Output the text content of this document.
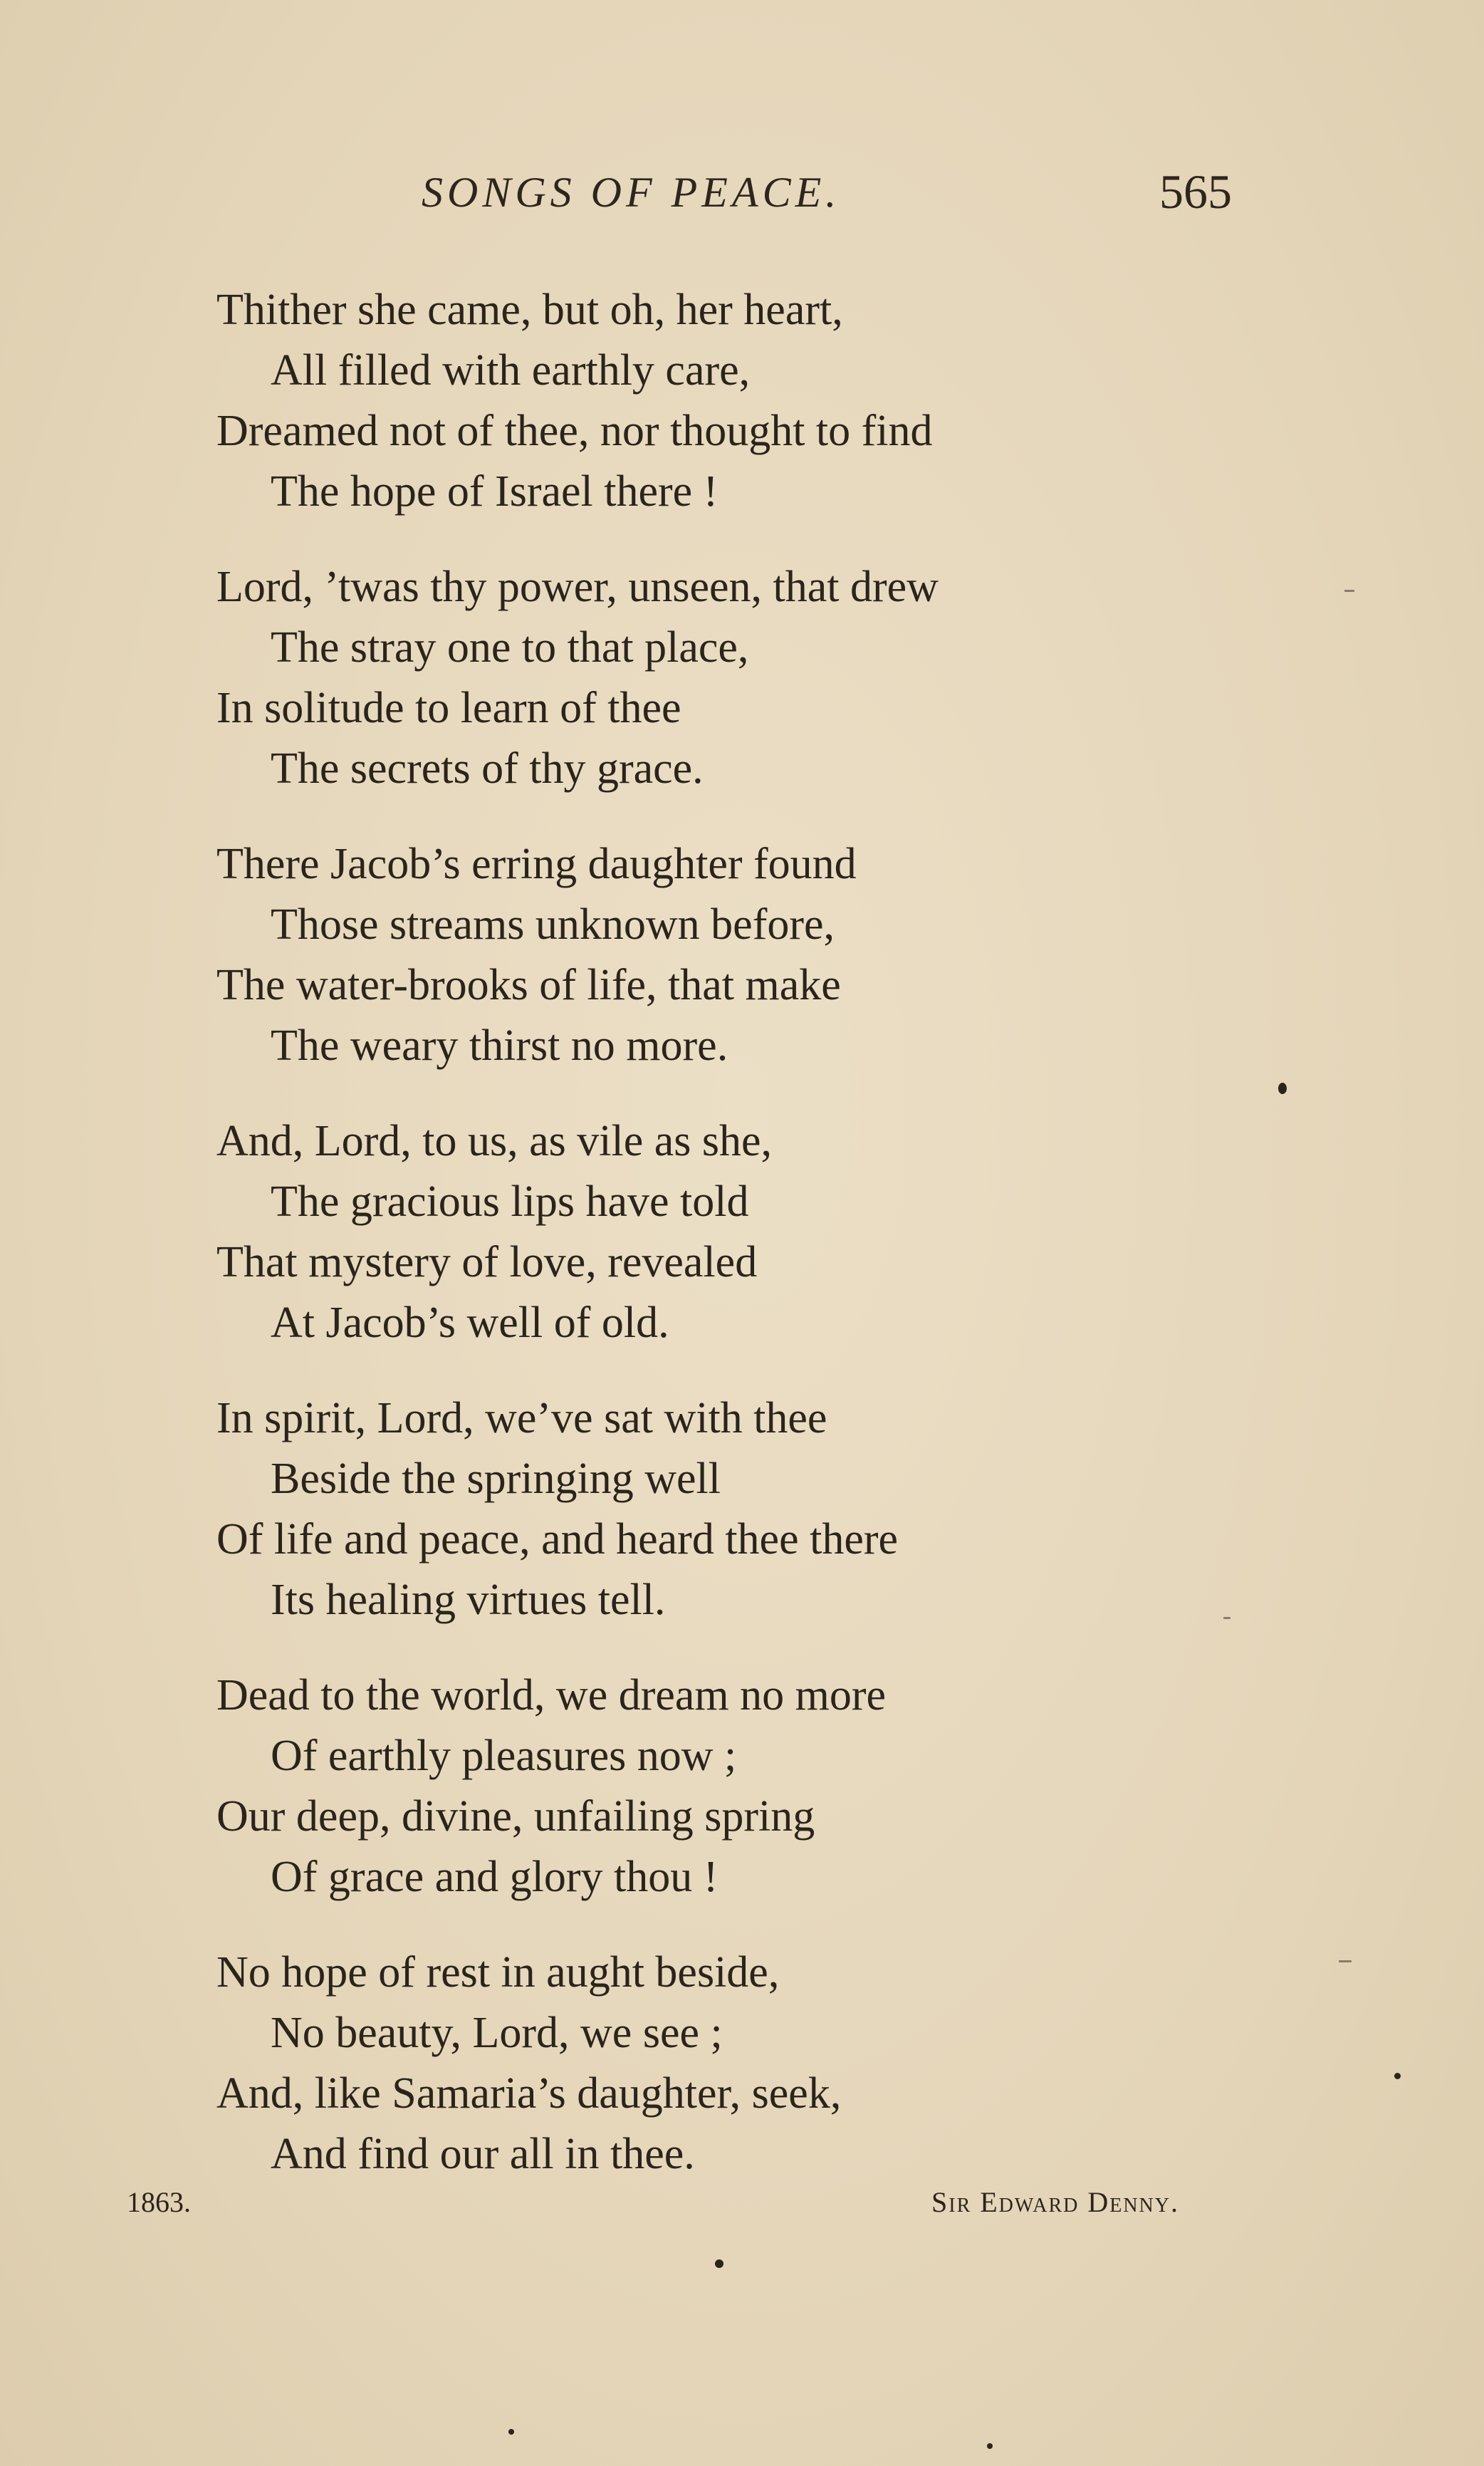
SONGS OF PEACE.	565
Thither she came, but oh, her heart,
All filled with earthly care,
Dreamed not of thee, nor thought to find
The hope of Israel there !
Lord, ’twas thy power, unseen, that drew
The stray one to that place,
In solitude to learn of thee
The secrets of thy grace.
There Jacob’s erring daughter found
Those streams unknown before,
The water-brooks of life, that make
The weary thirst no more.
And, Lord, to us, as vile as she,
The gracious lips have told
That mystery of love, revealed
At Jacob’s well of old.
In spirit, Lord, we’ve sat with thee
Beside the springing well
Of life and peace, and heard thee there
Its healing virtues tell.
Dead to the world, we dream no more
Of earthly pleasures now ;
Our deep, divine, unfailing spring
Of grace and glory thou !
No hope of rest in aught beside,
No beauty, Lord, we see ;
And, like Samaria’s daughter, seek,
And find our all in thee.
1863.	Sir Edward Denny.
